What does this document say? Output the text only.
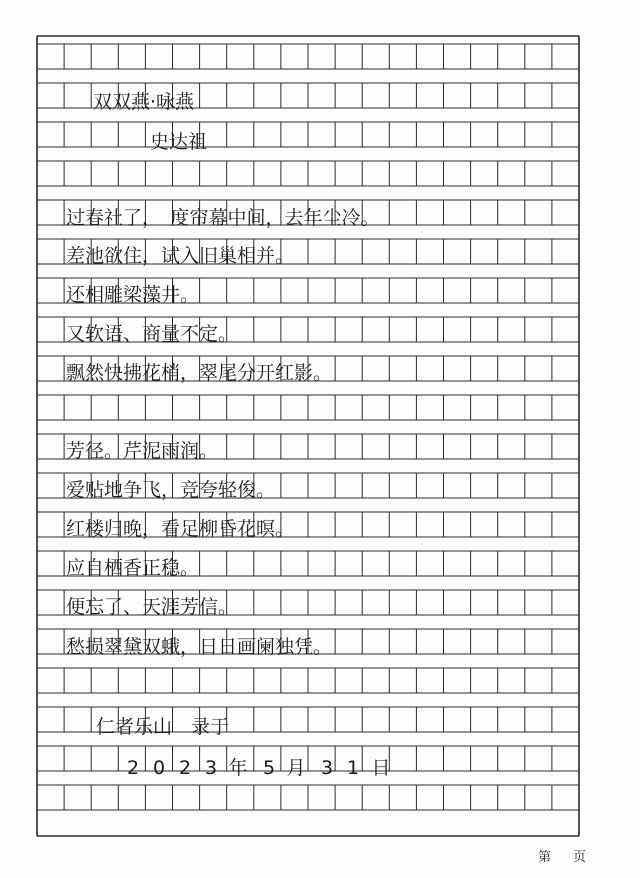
双双燕·咏燕
史达祖
过春社了，　度帘幕中间，去年尘冷。
差池欲住，试入旧巢相并。
还相雕梁藻井。
又软语、商量不定。
飘然快拂花梢，翠尾分开红影。
芳径。芹泥雨润。
爱贴地争飞，竞夸轻俊。
红楼归晚，看足柳昏花暝。
应自栖香正稳。
便忘了、天涯芳信。
愁损翠黛双蛾，日日画阑独凭。
仁者乐山　录于
2 0 2 3 年 5 月 3 1 日
第 页
